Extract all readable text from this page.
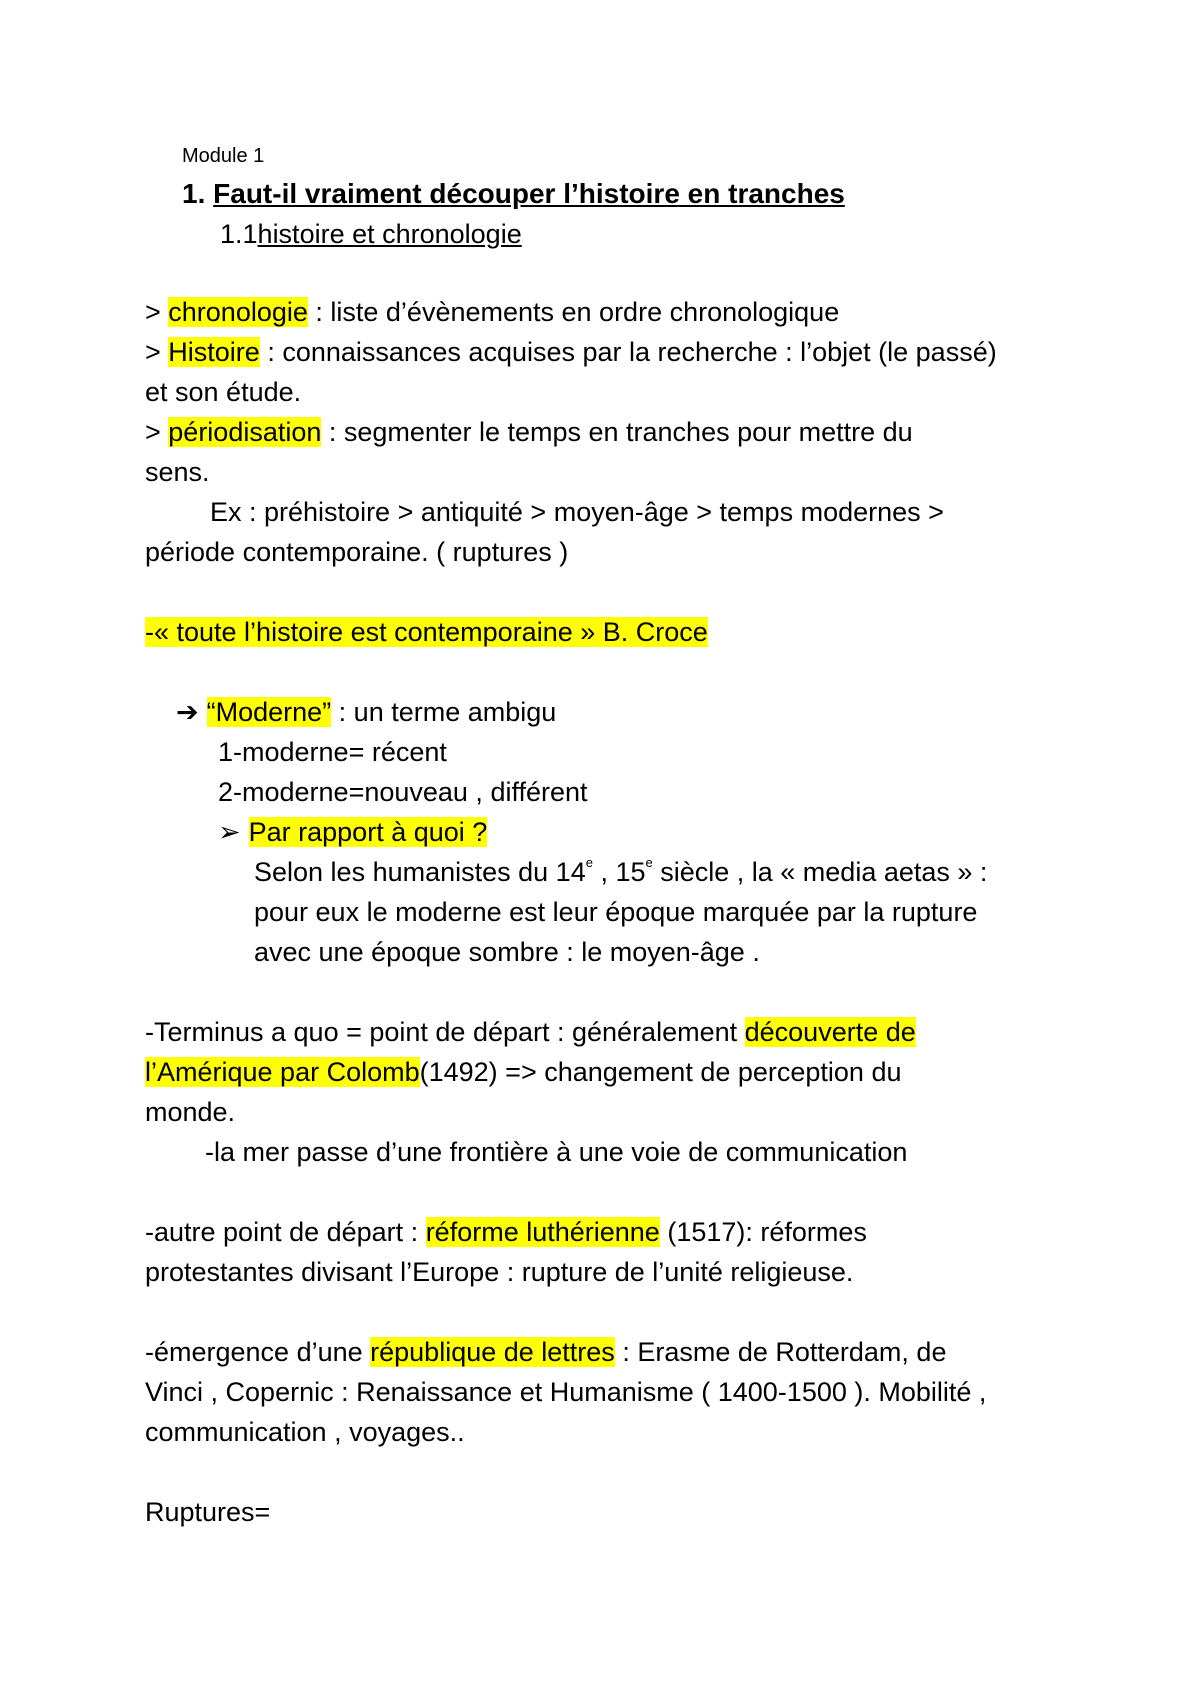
Module 1
1. Faut-il vraiment découper l’histoire en tranches
1.1histoire et chronologie
> chronologie : liste d’évènements en ordre chronologique
> Histoire : connaissances acquises par la recherche : l’objet (le passé)
et son étude.
> périodisation : segmenter le temps en tranches pour mettre du
sens.
Ex : préhistoire > antiquité > moyen-âge > temps modernes >
période contemporaine. ( ruptures )
-« toute l’histoire est contemporaine » B. Croce
➔ “Moderne” : un terme ambigu
1-moderne= récent
2-moderne=nouveau , différent
➢ Par rapport à quoi ?
Selon les humanistes du 14e , 15e siècle , la « media aetas » :
pour eux le moderne est leur époque marquée par la rupture
avec une époque sombre : le moyen-âge .
-Terminus a quo = point de départ : généralement découverte de
l’Amérique par Colomb(1492) => changement de perception du
monde.
-la mer passe d’une frontière à une voie de communication
-autre point de départ : réforme luthérienne (1517): réformes
protestantes divisant l’Europe : rupture de l’unité religieuse.
-émergence d’une république de lettres : Erasme de Rotterdam, de
Vinci , Copernic : Renaissance et Humanisme ( 1400-1500 ). Mobilité ,
communication , voyages..
Ruptures=
